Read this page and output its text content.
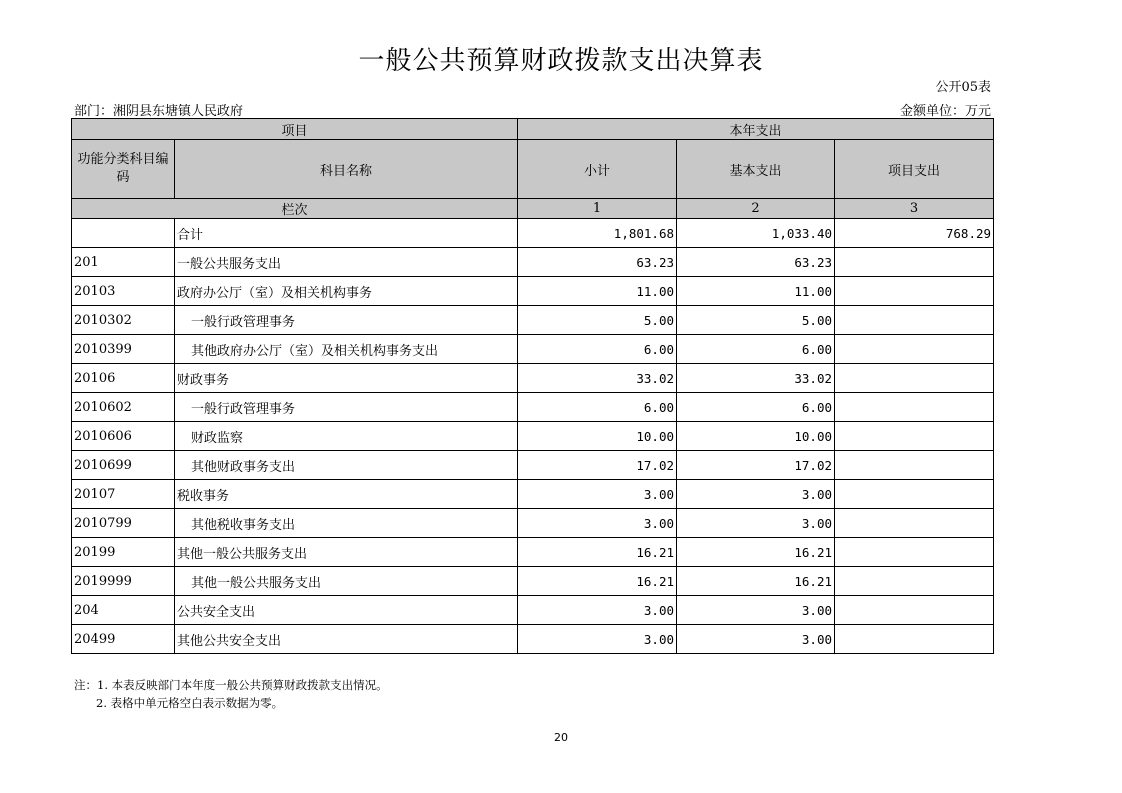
一般公共预算财政拨款支出决算表
公开05表
部门：湘阴县东塘镇人民政府	金额单位：万元
项目		本年支出		
功能分类科目编码	科目名称	小计	基本支出	项目支出
栏次		1	2	3
	合计	1,801.68	1,033.40	768.29
201	一般公共服务支出	63.23	63.23	
20103	政府办公厅（室）及相关机构事务	11.00	11.00	
2010302	一般行政管理事务	5.00	5.00	
2010399	其他政府办公厅（室）及相关机构事务支出	6.00	6.00	
20106	财政事务	33.02	33.02	
2010602	一般行政管理事务	6.00	6.00	
2010606	财政监察	10.00	10.00	
2010699	其他财政事务支出	17.02	17.02	
20107	税收事务	3.00	3.00	
2010799	其他税收事务支出	3.00	3.00	
20199	其他一般公共服务支出	16.21	16.21	
2019999	其他一般公共服务支出	16.21	16.21	
204	公共安全支出	3.00	3.00	
20499	其他公共安全支出	3.00	3.00	
注：1. 本表反映部门本年度一般公共预算财政拨款支出情况。
2. 表格中单元格空白表示数据为零。
20
